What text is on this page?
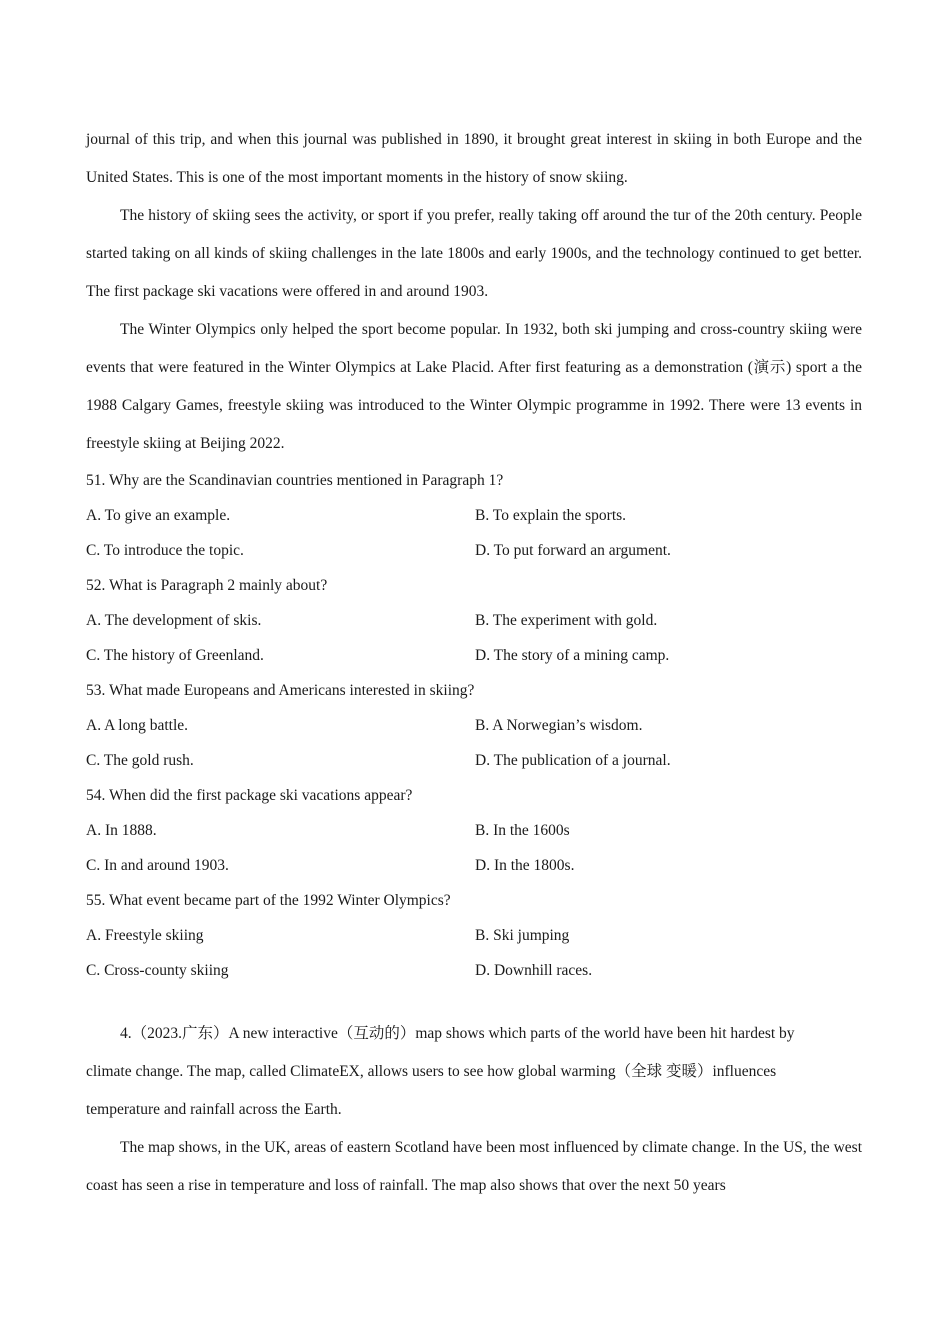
journal of this trip, and when this journal was published in 1890, it brought great interest in skiing in both Europe and the United States. This is one of the most important moments in the history of snow skiing.

The history of skiing sees the activity, or sport if you prefer, really taking off around the tur of the 20th century. People started taking on all kinds of skiing challenges in the late 1800s and early 1900s, and the technology continued to get better. The first package ski vacations were offered in and around 1903.

The Winter Olympics only helped the sport become popular. In 1932, both ski jumping and cross-country skiing were events that were featured in the Winter Olympics at Lake Placid. After first featuring as a demonstration (演示) sport a the 1988 Calgary Games, freestyle skiing was introduced to the Winter Olympic programme in 1992. There were 13 events in freestyle skiing at Beijing 2022.

51. Why are the Scandinavian countries mentioned in Paragraph 1?

A. To give an example.	B. To explain the sports.
C. To introduce the topic.	D. To put forward an argument.

52. What is Paragraph 2 mainly about?

A. The development of skis.	B. The experiment with gold.
C. The history of Greenland.	D. The story of a mining camp.

53. What made Europeans and Americans interested in skiing?

A. A long battle.	B. A Norwegian’s wisdom.
C. The gold rush.	D. The publication of a journal.

54. When did the first package ski vacations appear?

A. In 1888.	B. In the 1600s
C. In and around 1903.	D. In the 1800s.

55. What event became part of the 1992 Winter Olympics?

A. Freestyle skiing	B. Ski jumping
C. Cross-county skiing	D. Downhill races.

4.（2023.广东）A new interactive（互动的）map shows which parts of the world have been hit hardest by

climate change. The map, called ClimateEX, allows users to see how global warming（全球 变暖）influences

temperature and rainfall across the Earth.

The map shows, in the UK, areas of eastern Scotland have been most influenced by climate change. In the US, the west coast has seen a rise in temperature and loss of rainfall. The map also shows that over the next 50 years
